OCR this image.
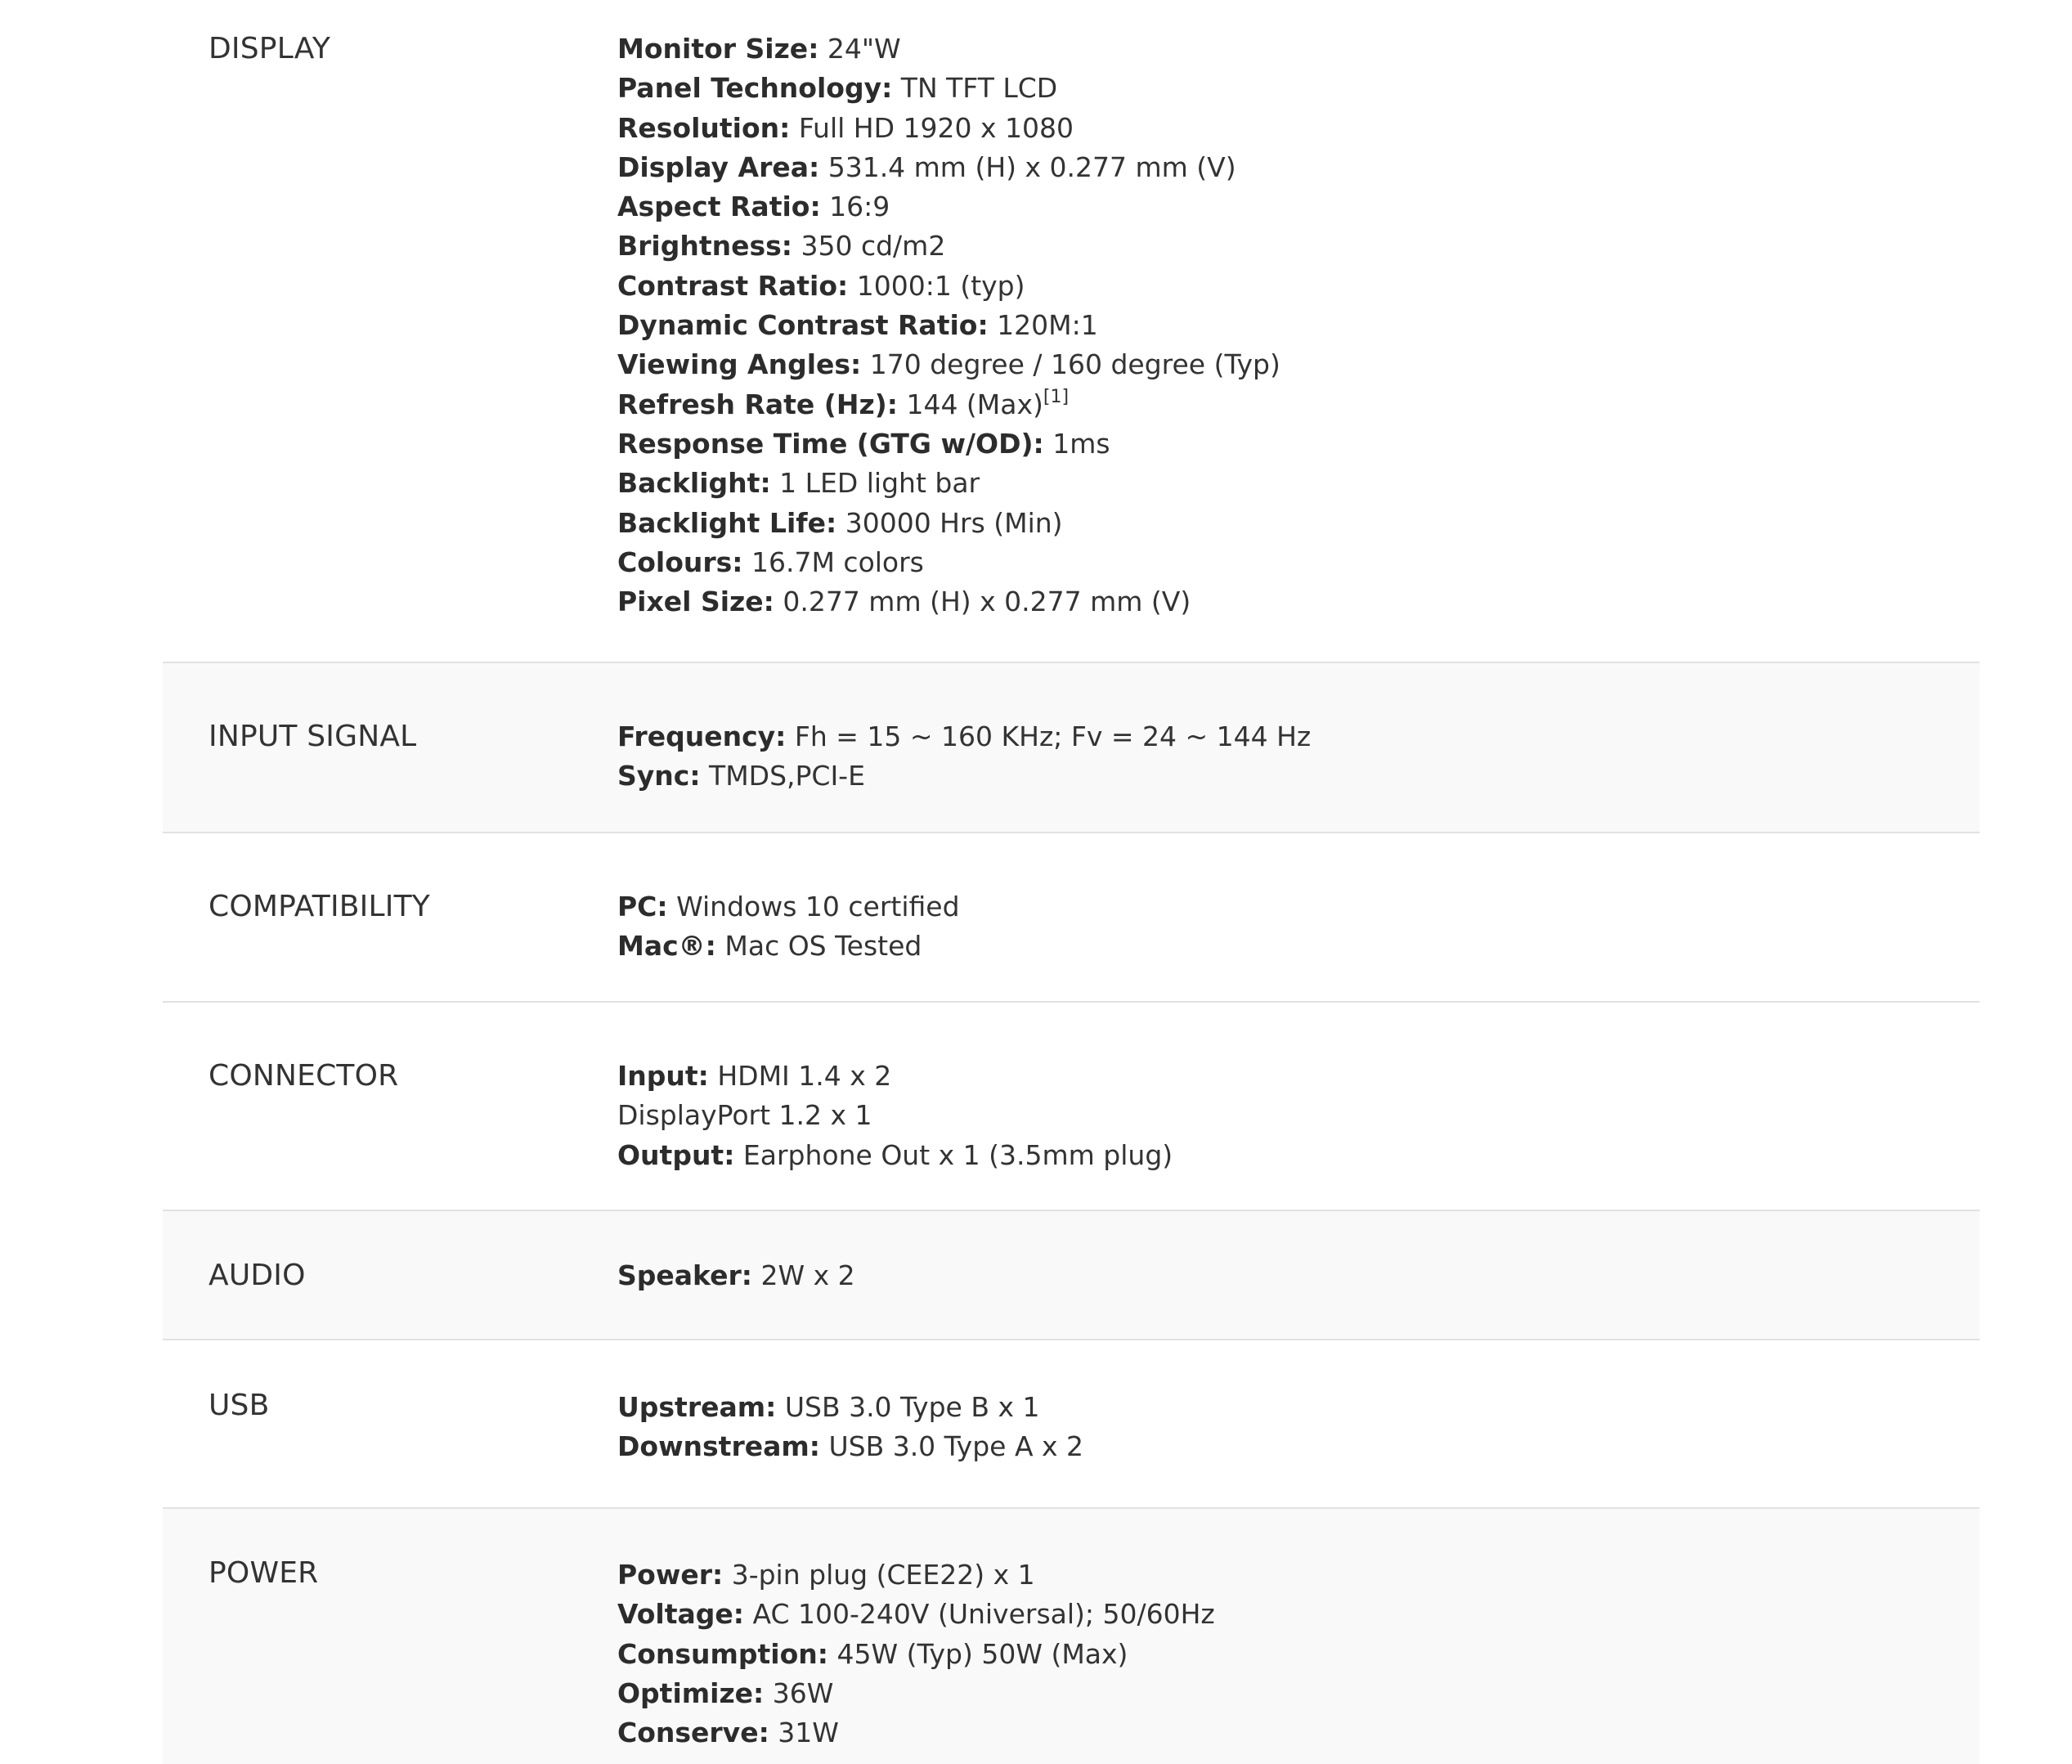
DISPLAY	Monitor Size: 24"W
Panel Technology: TN TFT LCD
Resolution: Full HD 1920 x 1080
Display Area: 531.4 mm (H) x 0.277 mm (V)
Aspect Ratio: 16:9
Brightness: 350 cd/m2
Contrast Ratio: 1000:1 (typ)
Dynamic Contrast Ratio: 120M:1
Viewing Angles: 170 degree / 160 degree (Typ)
Refresh Rate (Hz): 144 (Max)[1]
Response Time (GTG w/OD): 1ms
Backlight: 1 LED light bar
Backlight Life: 30000 Hrs (Min)
Colours: 16.7M colors
Pixel Size: 0.277 mm (H) x 0.277 mm (V)
INPUT SIGNAL	Frequency: Fh = 15 ~ 160 KHz; Fv = 24 ~ 144 Hz
Sync: TMDS,PCI-E
COMPATIBILITY	PC: Windows 10 certified
Mac®: Mac OS Tested
CONNECTOR	Input: HDMI 1.4 x 2
DisplayPort 1.2 x 1
Output: Earphone Out x 1 (3.5mm plug)
AUDIO	Speaker: 2W x 2
USB	Upstream: USB 3.0 Type B x 1
Downstream: USB 3.0 Type A x 2
POWER	Power: 3-pin plug (CEE22) x 1
Voltage: AC 100-240V (Universal); 50/60Hz
Consumption: 45W (Typ) 50W (Max)
Optimize: 36W
Conserve: 31W
